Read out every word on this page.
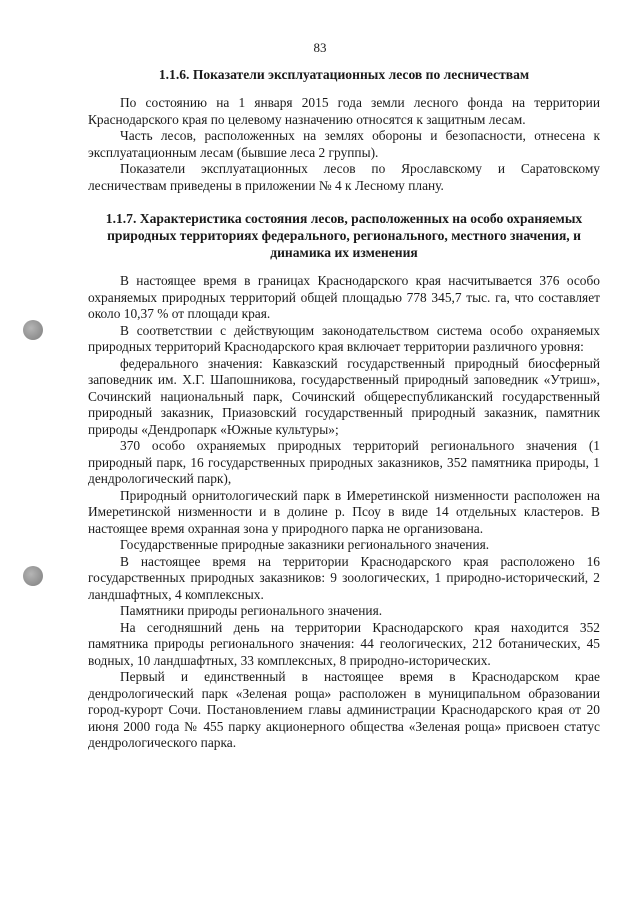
83
1.1.6. Показатели эксплуатационных лесов по лесничествам

По состоянию на 1 января 2015 года земли лесного фонда на территории Краснодарского края по целевому назначению относятся к защитным лесам.

Часть лесов, расположенных на землях обороны и безопасности, отнесена к эксплуатационным лесам (бывшие леса 2 группы).

Показатели эксплуатационных лесов по Ярославскому и Саратовскому лесничествам приведены в приложении № 4 к Лесному плану.

1.1.7. Характеристика состояния лесов, расположенных на особо охраняемых природных территориях федерального, регионального, местного значения, и динамика их изменения

В настоящее время в границах Краснодарского края насчитывается 376 особо охраняемых природных территорий общей площадью 778 345,7 тыс. га, что составляет около 10,37 % от площади края.

В соответствии с действующим законодательством система особо охраняемых природных территорий Краснодарского края включает территории различного уровня:

федерального значения: Кавказский государственный природный биосферный заповедник им. Х.Г. Шапошникова, государственный природный заповедник «Утриш», Сочинский национальный парк, Сочинский общереспубликанский государственный природный заказник, Приазовский государственный природный заказник, памятник природы «Дендропарк «Южные культуры»;

370 особо охраняемых природных территорий регионального значения (1 природный парк, 16 государственных природных заказников, 352 памятника природы, 1 дендрологический парк),

Природный орнитологический парк в Имеретинской низменности расположен на Имеретинской низменности и в долине р. Псоу в виде 14 отдельных кластеров. В настоящее время охранная зона у природного парка не организована.

Государственные природные заказники регионального значения.

В настоящее время на территории Краснодарского края расположено 16 государственных природных заказников: 9 зоологических, 1 природно-исторический, 2 ландшафтных, 4 комплексных.

Памятники природы регионального значения.

На сегодняшний день на территории Краснодарского края находится 352 памятника природы регионального значения: 44 геологических, 212 ботанических, 45 водных, 10 ландшафтных, 33 комплексных, 8 природно-исторических.

Первый и единственный в настоящее время в Краснодарском крае дендрологический парк «Зеленая роща» расположен в муниципальном образовании город-курорт Сочи. Постановлением главы администрации Краснодарского края от 20 июня 2000 года № 455 парку акционерного общества «Зеленая роща» присвоен статус дендрологического парка.
